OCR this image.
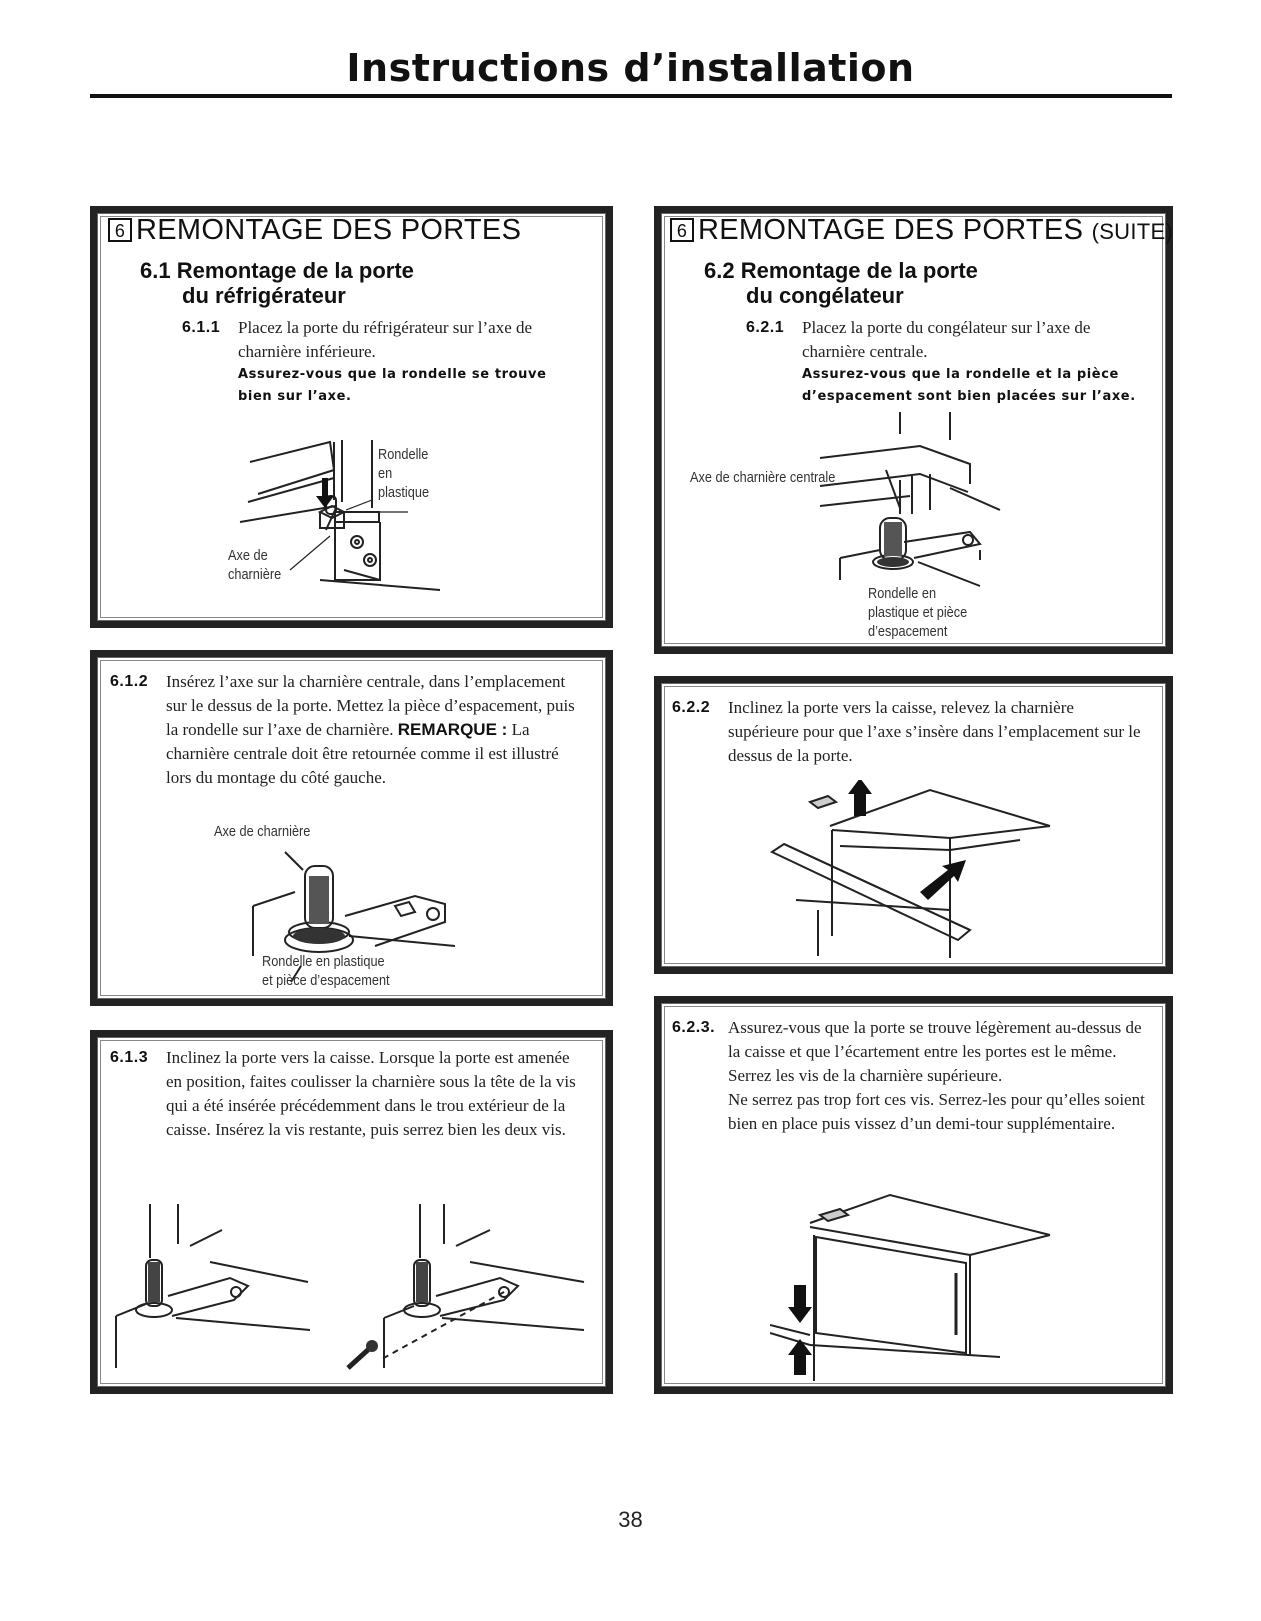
Instructions d’installation
6 REMONTAGE DES PORTES
6.1 Remontage de la porte
du réfrigérateur
6.1.1	Placez la porte du réfrigérateur sur l’axe de charnière inférieure.
Assurez-vous que la rondelle se trouve bien sur l’axe.
Rondelle
en
plastique
Axe de
charnière
6.1.2	Insérez l’axe sur la charnière centrale, dans l’emplacement sur le dessus de la porte. Mettez la pièce d’espacement, puis la rondelle sur l’axe de charnière. REMARQUE : La charnière centrale doit être retournée comme il est illustré lors du montage du côté gauche.
Axe de charnière
Rondelle en plastique
et pièce d’espacement
6.1.3	Inclinez la porte vers la caisse. Lorsque la porte est amenée en position, faites coulisser la charnière sous la tête de la vis qui a été insérée précédemment dans le trou extérieur de la caisse. Insérez la vis restante, puis serrez bien les deux vis.
6 REMONTAGE DES PORTES (SUITE)
6.2 Remontage de la porte
du congélateur
6.2.1	Placez la porte du congélateur sur l’axe de charnière centrale.
Assurez-vous que la rondelle et la pièce d’espacement sont bien placées sur l’axe.
Axe de charnière centrale
Rondelle en
plastique et pièce
d’espacement
6.2.2	Inclinez la porte vers la caisse, relevez la charnière supérieure pour que l’axe s’insère dans l’emplacement sur le dessus de la porte.
6.2.3. Assurez-vous que la porte se trouve légèrement au-dessus de la caisse et que l’écartement entre les portes est le même. Serrez les vis de la charnière supérieure.
Ne serrez pas trop fort ces vis. Serrez-les pour qu’elles soient bien en place puis vissez d’un demi-tour supplémentaire.
38
